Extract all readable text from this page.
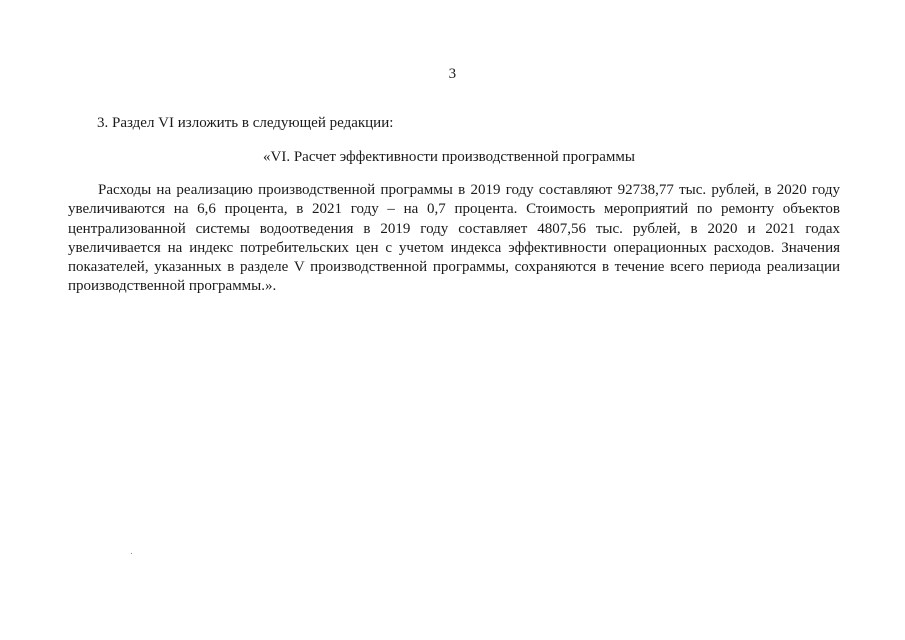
3
3. Раздел VI изложить в следующей редакции:
«VI. Расчет эффективности производственной программы

Расходы на реализацию производственной программы в 2019 году составляют 92738,77 тыс. рублей, в 2020 году увеличиваются на 6,6 процента, в 2021 году – на 0,7 процента. Стоимость мероприятий по ремонту объектов централизованной системы водоотведения в 2019 году составляет 4807,56 тыс. рублей, в 2020 и 2021 годах увеличивается на индекс потребительских цен с учетом индекса эффективности операционных расходов. Значения показателей, указанных в разделе V производственной программы, сохраняются в течение всего периода реализации производственной программы.».
